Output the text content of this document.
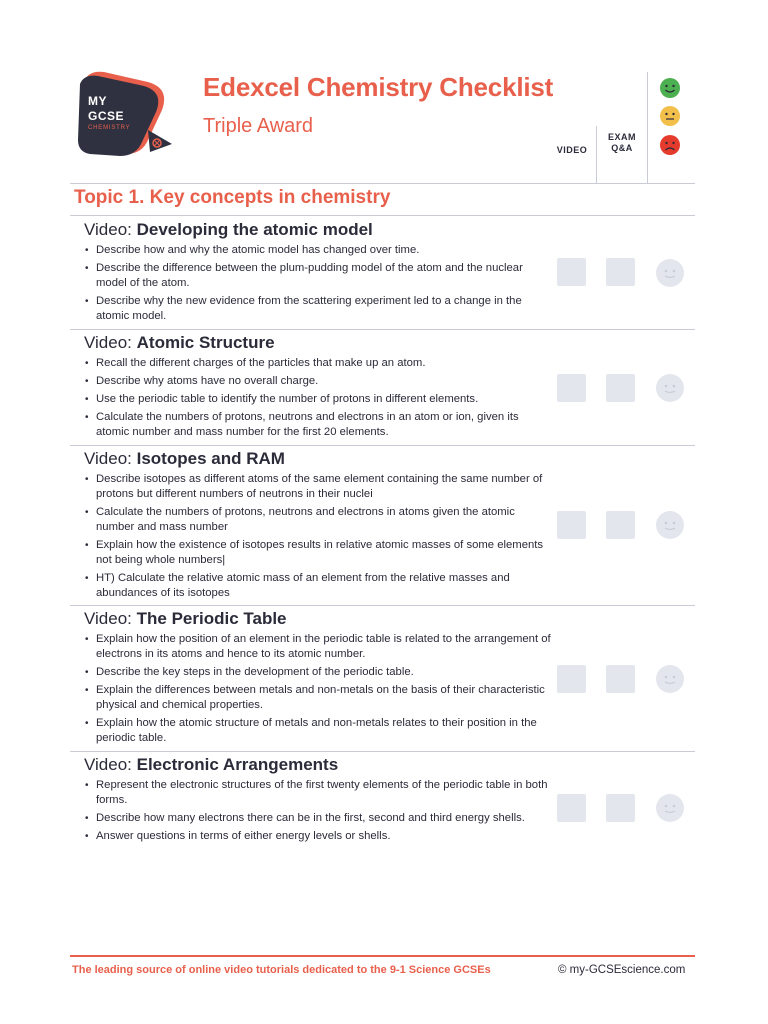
MY
GCSE
CHEMISTRY
Edexcel Chemistry Checklist
Triple Award
VIDEO
EXAM
Q&A
Topic 1. Key concepts in chemistry
Video: Developing the atomic model
• Describe how and why the atomic model has changed over time.
• Describe the difference between the plum-pudding model of the atom and the nuclear model of the atom.
• Describe why the new evidence from the scattering experiment led to a change in the atomic model.
Video: Atomic Structure
• Recall the different charges of the particles that make up an atom.
• Describe why atoms have no overall charge.
• Use the periodic table to identify the number of protons in different elements.
• Calculate the numbers of protons, neutrons and electrons in an atom or ion, given its atomic number and mass number for the first 20 elements.
Video: Isotopes and RAM
• Describe isotopes as different atoms of the same element containing the same number of protons but different numbers of neutrons in their nuclei
• Calculate the numbers of protons, neutrons and electrons in atoms given the atomic number and mass number
• Explain how the existence of isotopes results in relative atomic masses of some elements not being whole numbers|
• HT) Calculate the relative atomic mass of an element from the relative masses and abundances of its isotopes
Video: The Periodic Table
• Explain how the position of an element in the periodic table is related to the arrangement of electrons in its atoms and hence to its atomic number.
• Describe the key steps in the development of the periodic table.
• Explain the differences between metals and non-metals on the basis of their characteristic physical and chemical properties.
• Explain how the atomic structure of metals and non-metals relates to their position in the periodic table.
Video: Electronic Arrangements
• Represent the electronic structures of the first twenty elements of the periodic table in both forms.
• Describe how many electrons there can be in the first, second and third energy shells.
• Answer questions in terms of either energy levels or shells.
The leading source of online video tutorials dedicated to the 9-1 Science GCSEs	© my-GCSEscience.com
